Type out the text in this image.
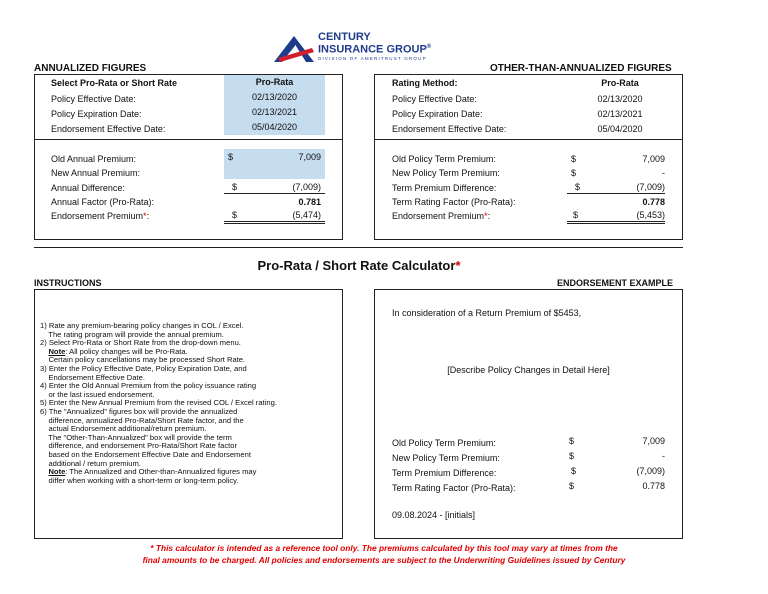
CENTURY
INSURANCE GROUP®
DIVISION OF AMERITRUST GROUP
ANNUALIZED FIGURES	OTHER-THAN-ANNUALIZED FIGURES
Select Pro-Rata or Short Rate	Pro-Rata
Policy Effective Date:	02/13/2020
Policy Expiration Date:	02/13/2021
Endorsement Effective Date:	05/04/2020
Old Annual Premium:	$	7,009
New Annual Premium:
Annual Difference:	$	(7,009)
Annual Factor (Pro-Rata):	0.781
Endorsement Premium*:	$	(5,474)
Rating Method:	Pro-Rata
Policy Effective Date:	02/13/2020
Policy Expiration Date:	02/13/2021
Endorsement Effective Date:	05/04/2020
Old Policy Term Premium:	$	7,009
New Policy Term Premium:	$	-
Term Premium Difference:	$	(7,009)
Term Rating Factor (Pro-Rata):	0.778
Endorsement Premium*:	$	(5,453)
Pro-Rata / Short Rate Calculator*
INSTRUCTIONS
1) Rate any premium-bearing policy changes in COL / Excel.
The rating program will provide the annual premium.
2) Select Pro-Rata or Short Rate from the drop-down menu.
Note: All policy changes will be Pro-Rata.
Certain policy cancellations may be processed Short Rate.
3) Enter the Policy Effective Date, Policy Expiration Date, and
Endorsement Effective Date.
4) Enter the Old Annual Premium from the policy issuance rating
or the last issued endorsement.
5) Enter the New Annual Premium from the revised COL / Excel rating.
6) The "Annualized" figures box will provide the annualized
difference, annualized Pro-Rata/Short Rate factor, and the
actual Endorsement additional/return premium.
The "Other-Than-Annualized" box will provide the term
difference, and endorsement Pro-Rata/Short Rate factor
based on the Endorsement Effective Date and Endorsement
additional / return premium.
Note: The Annualized and Other-than-Annualized figures may
differ when working with a short-term or long-term policy.
ENDORSEMENT EXAMPLE
In consideration of a Return Premium of $5453,
[Describe Policy Changes in Detail Here]
Old Policy Term Premium:	$	7,009
New Policy Term Premium:	$	-
Term Premium Difference:	$	(7,009)
Term Rating Factor (Pro-Rata):	$	0.778
09.08.2024 - [initials]
* This calculator is intended as a reference tool only. The premiums calculated by this tool may vary at times from the
final amounts to be charged. All policies and endorsements are subject to the Underwriting Guidelines issued by Century
